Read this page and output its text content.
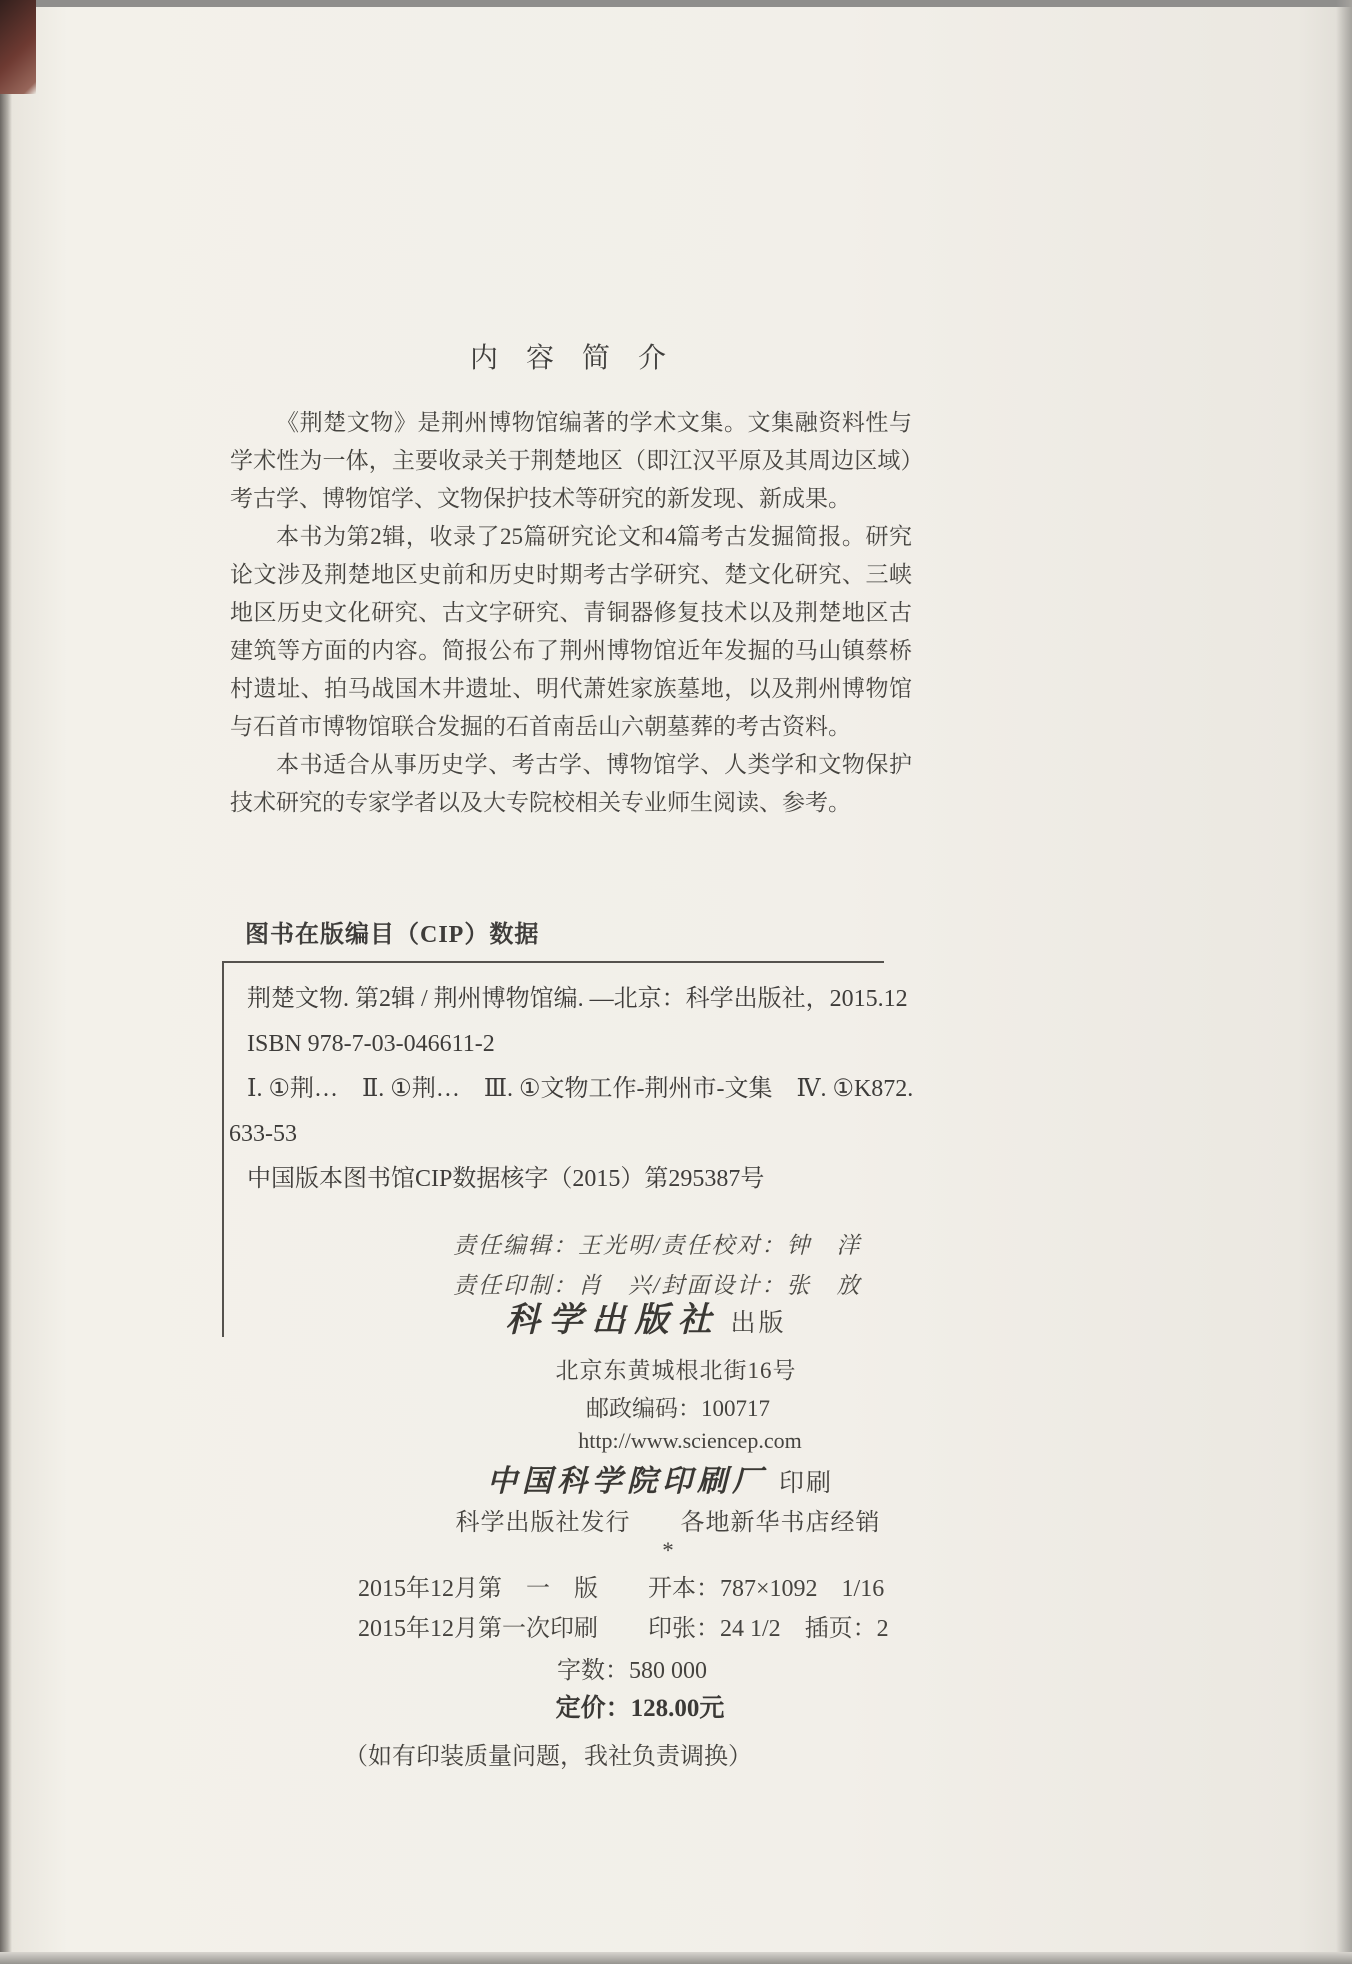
内　容　简　介

《荆楚文物》是荆州博物馆编著的学术文集。文集融资料性与学术性为一体，主要收录关于荆楚地区（即江汉平原及其周边区域）考古学、博物馆学、文物保护技术等研究的新发现、新成果。

本书为第2辑，收录了25篇研究论文和4篇考古发掘简报。研究论文涉及荆楚地区史前和历史时期考古学研究、楚文化研究、三峡地区历史文化研究、古文字研究、青铜器修复技术以及荆楚地区古建筑等方面的内容。简报公布了荆州博物馆近年发掘的马山镇蔡桥村遗址、拍马战国木井遗址、明代萧姓家族墓地，以及荆州博物馆与石首市博物馆联合发掘的石首南岳山六朝墓葬的考古资料。

本书适合从事历史学、考古学、博物馆学、人类学和文物保护技术研究的专家学者以及大专院校相关专业师生阅读、参考。

图书在版编目（CIP）数据
荆楚文物. 第2辑 / 荆州博物馆编. —北京：科学出版社，2015.12
ISBN 978-7-03-046611-2
Ⅰ. ①荆…　Ⅱ. ①荆…　Ⅲ. ①文物工作-荆州市-文集　Ⅳ. ①K872.
633-53
中国版本图书馆CIP数据核字（2015）第295387号
责任编辑：王光明/责任校对：钟　洋
责任印制：肖　兴/封面设计：张　放
科学出版社 出版
北京东黄城根北街16号
邮政编码：100717
http://www.sciencep.com
中国科学院印刷厂 印刷
科学出版社发行　　各地新华书店经销
*
2015年12月第　一　版	开本：787×1092　1/16
2015年12月第一次印刷	印张：24 1/2　插页：2
字数：580 000
定价：128.00元
（如有印装质量问题，我社负责调换）
